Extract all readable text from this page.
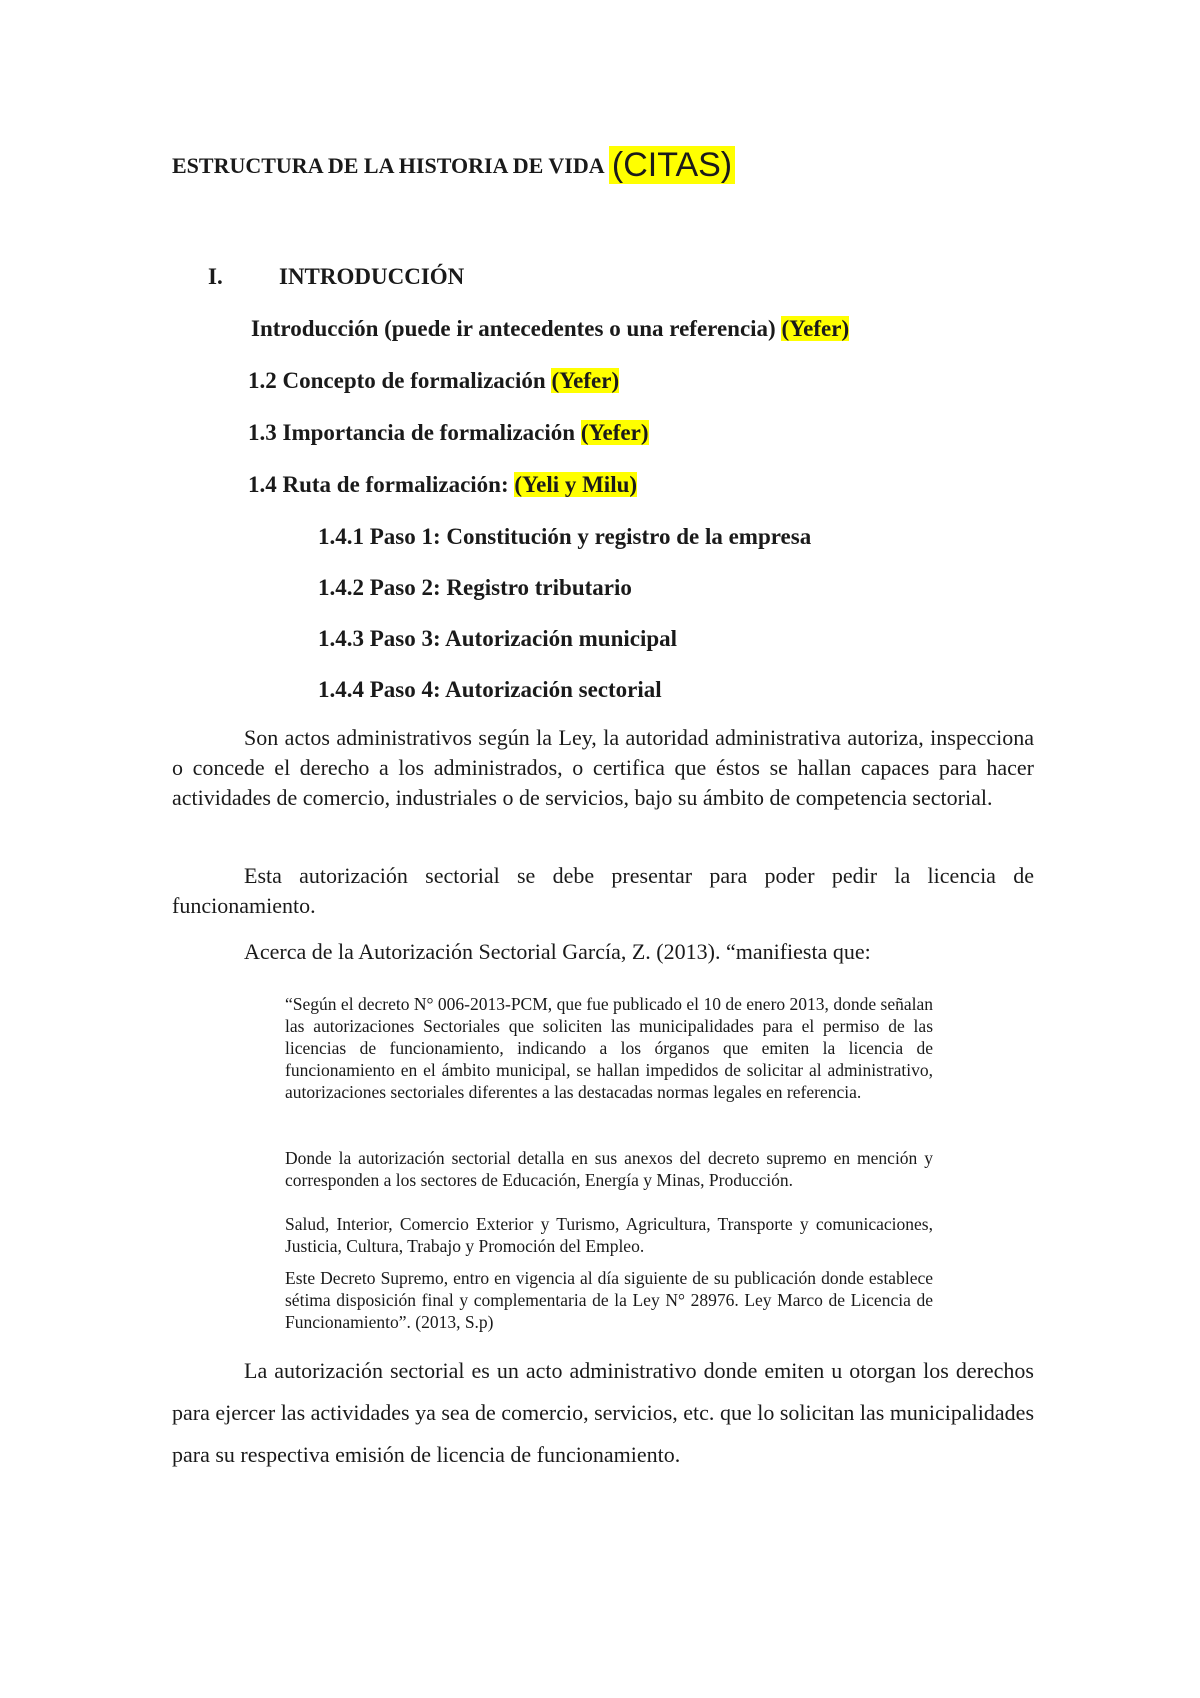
ESTRUCTURA DE LA HISTORIA DE VIDA (CITAS)
I. INTRODUCCIÓN
Introducción (puede ir antecedentes o una referencia) (Yefer)
1.2 Concepto de formalización (Yefer)
1.3 Importancia de formalización (Yefer)
1.4 Ruta de formalización: (Yeli y Milu)
1.4.1 Paso 1: Constitución y registro de la empresa
1.4.2 Paso 2: Registro tributario
1.4.3 Paso 3: Autorización municipal
1.4.4 Paso 4: Autorización sectorial

Son actos administrativos según la Ley, la autoridad administrativa autoriza, inspecciona o concede el derecho a los administrados, o certifica que éstos se hallan capaces para hacer actividades de comercio, industriales o de servicios, bajo su ámbito de competencia sectorial.

Esta autorización sectorial se debe presentar para poder pedir la licencia de funcionamiento.

Acerca de la Autorización Sectorial García, Z. (2013). “manifiesta que:

“Según el decreto N° 006-2013-PCM, que fue publicado el 10 de enero 2013, donde señalan las autorizaciones Sectoriales que soliciten las municipalidades para el permiso de las licencias de funcionamiento, indicando a los órganos que emiten la licencia de funcionamiento en el ámbito municipal, se hallan impedidos de solicitar al administrativo, autorizaciones sectoriales diferentes a las destacadas normas legales en referencia.

Donde la autorización sectorial detalla en sus anexos del decreto supremo en mención y corresponden a los sectores de Educación, Energía y Minas, Producción.

Salud, Interior, Comercio Exterior y Turismo, Agricultura, Transporte y comunicaciones, Justicia, Cultura, Trabajo y Promoción del Empleo.

Este Decreto Supremo, entro en vigencia al día siguiente de su publicación donde establece sétima disposición final y complementaria de la Ley N° 28976. Ley Marco de Licencia de Funcionamiento”. (2013, S.p)

La autorización sectorial es un acto administrativo donde emiten u otorgan los derechos para ejercer las actividades ya sea de comercio, servicios, etc. que lo solicitan las municipalidades para su respectiva emisión de licencia de funcionamiento.
